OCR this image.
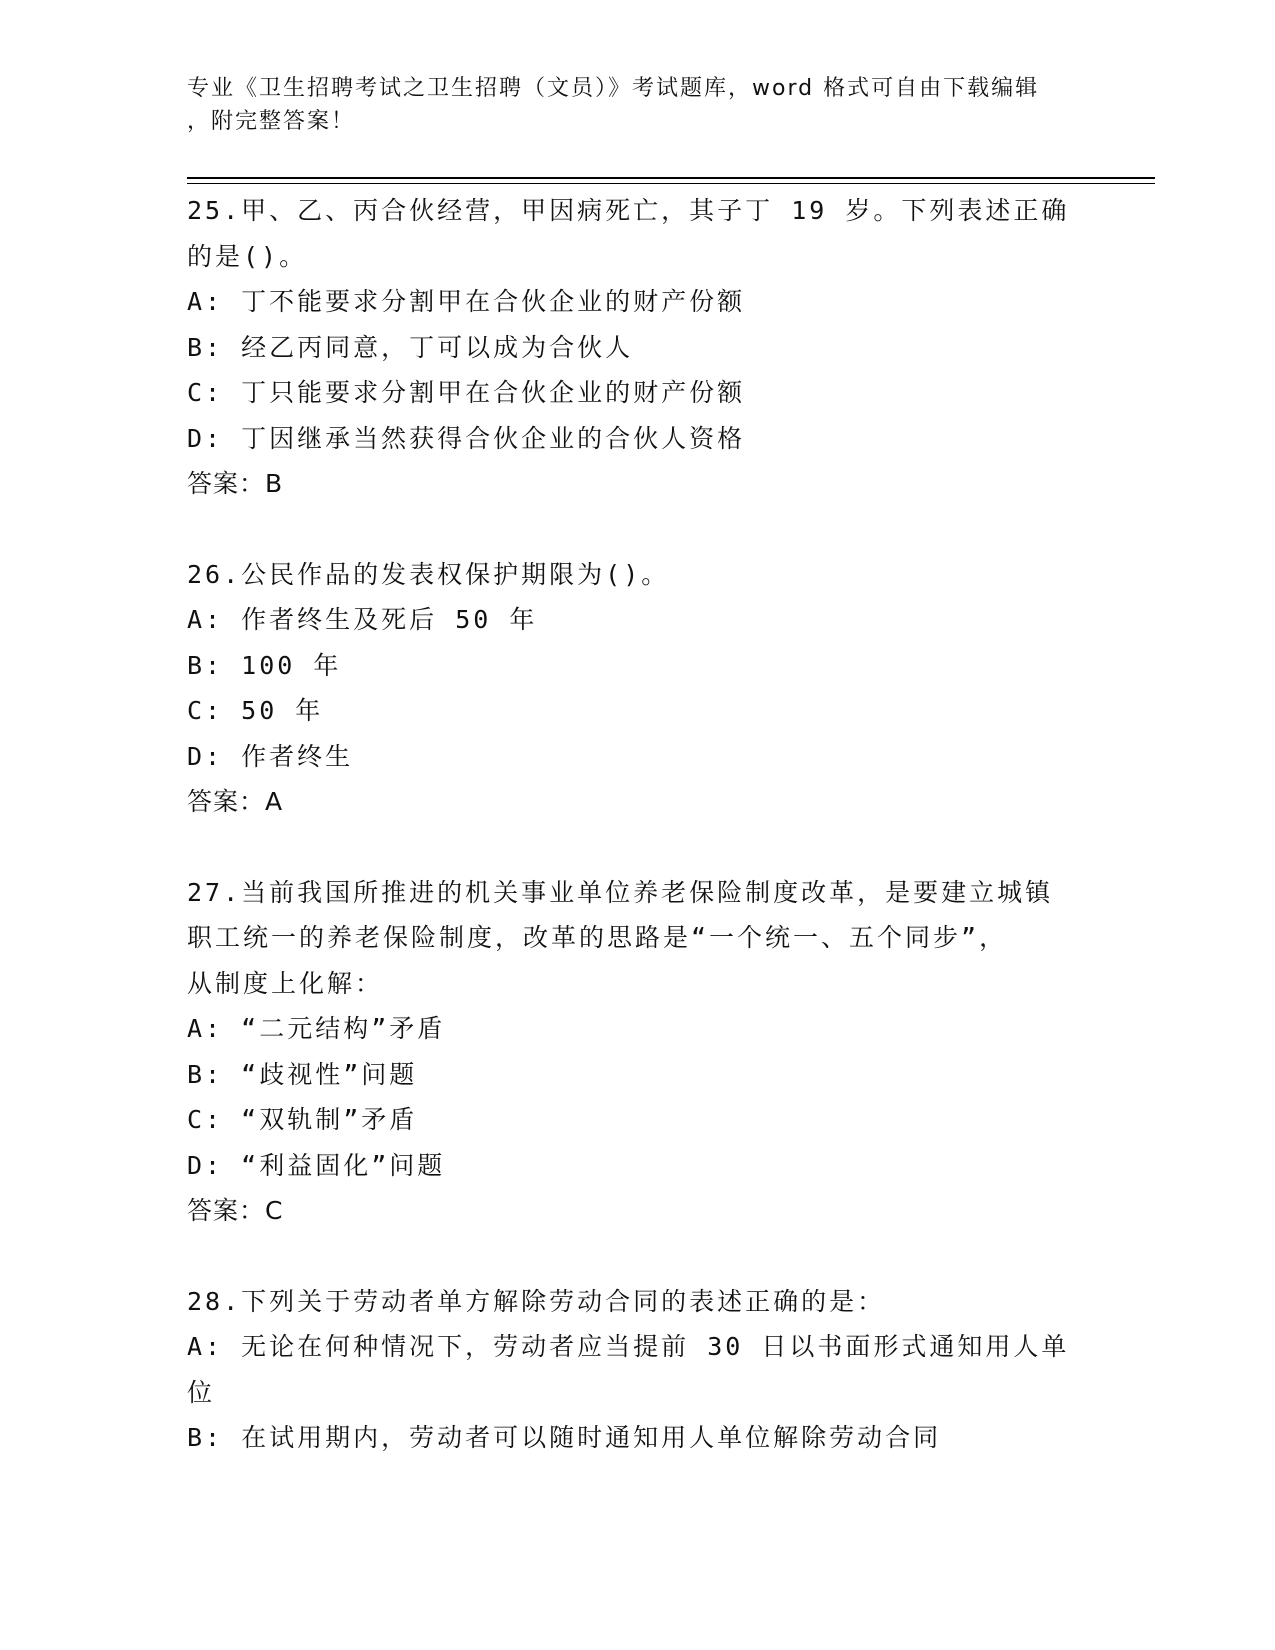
专业《卫生招聘考试之卫生招聘（文员）》考试题库，word 格式可自由下载编辑
，附完整答案！
25.甲、乙、丙合伙经营，甲因病死亡，其子丁 19 岁。下列表述正确
的是()。
A: 丁不能要求分割甲在合伙企业的财产份额
B: 经乙丙同意，丁可以成为合伙人
C: 丁只能要求分割甲在合伙企业的财产份额
D: 丁因继承当然获得合伙企业的合伙人资格
答案：B
26.公民作品的发表权保护期限为()。
A: 作者终生及死后 50 年
B: 100 年
C: 50 年
D: 作者终生
答案：A
27.当前我国所推进的机关事业单位养老保险制度改革，是要建立城镇
职工统一的养老保险制度，改革的思路是“一个统一、五个同步”，
从制度上化解：
A: “二元结构”矛盾
B: “歧视性”问题
C: “双轨制”矛盾
D: “利益固化”问题
答案：C
28.下列关于劳动者单方解除劳动合同的表述正确的是：
A: 无论在何种情况下，劳动者应当提前 30 日以书面形式通知用人单
位
B: 在试用期内，劳动者可以随时通知用人单位解除劳动合同
